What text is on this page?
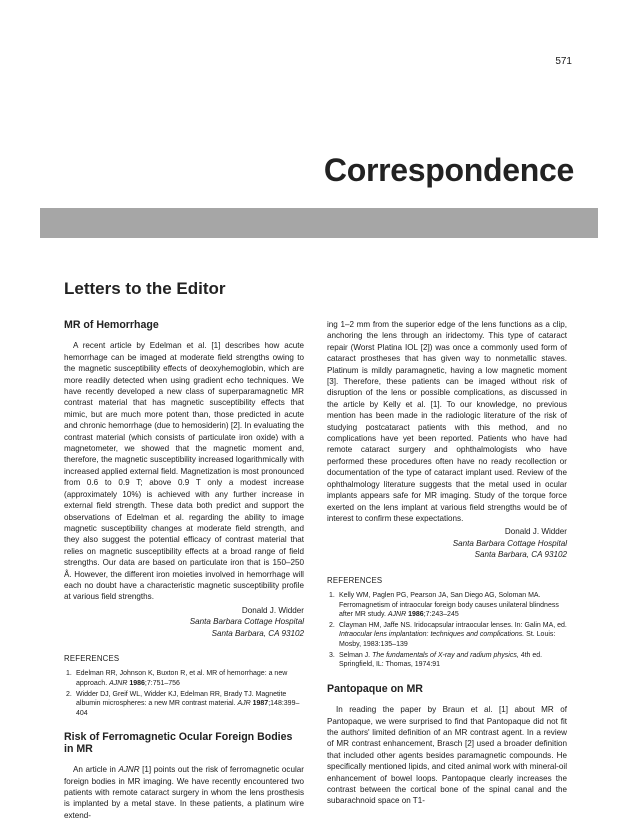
571
Correspondence
Letters to the Editor
MR of Hemorrhage

A recent article by Edelman et al. [1] describes how acute hemorrhage can be imaged at moderate field strengths owing to the magnetic susceptibility effects of deoxyhemoglobin, which are more readily detected when using gradient echo techniques. We have recently developed a new class of superparamagnetic MR contrast material that has magnetic susceptibility effects that mimic, but are much more potent than, those predicted in acute and chronic hemorrhage (due to hemosiderin) [2]. In evaluating the contrast material (which consists of particulate iron oxide) with a magnetometer, we showed that the magnetic moment and, therefore, the magnetic susceptibility increased logarithmically with increased applied external field. Magnetization is most pronounced from 0.6 to 0.9 T; above 0.9 T only a modest increase (approximately 10%) is achieved with any further increase in external field strength. These data both predict and support the observations of Edelman et al. regarding the ability to image magnetic susceptibility changes at moderate field strength, and they also suggest the potential efficacy of contrast material that relies on magnetic susceptibility effects at a broad range of field strengths. Our data are based on particulate iron that is 150–250 Å. However, the different iron moieties involved in hemorrhage will each no doubt have a characteristic magnetic susceptibility profile at various field strengths.

Donald J. Widder
Santa Barbara Cottage Hospital
Santa Barbara, CA 93102
REFERENCES
1. Edelman RR, Johnson K, Buxton R, et al. MR of hemorrhage: a new approach. AJNR 1986;7:751–756
2. Widder DJ, Greif WL, Widder KJ, Edelman RR, Brady TJ. Magnetite albumin microspheres: a new MR contrast material. AJR 1987;148:399–404
Risk of Ferromagnetic Ocular Foreign Bodies in MR

An article in AJNR [1] points out the risk of ferromagnetic ocular foreign bodies in MR imaging. We have recently encountered two patients with remote cataract surgery in whom the lens prosthesis is implanted by a metal stave. In these patients, a platinum wire extend-

ing 1–2 mm from the superior edge of the lens functions as a clip, anchoring the lens through an iridectomy. This type of cataract repair (Worst Platina IOL [2]) was once a commonly used form of cataract prostheses that has given way to nonmetallic staves. Platinum is mildly paramagnetic, having a low magnetic moment [3]. Therefore, these patients can be imaged without risk of disruption of the lens or possible complications, as discussed in the article by Kelly et al. [1]. To our knowledge, no previous mention has been made in the radiologic literature of the risk of studying postcataract patients with this method, and no complications have yet been reported. Patients who have had remote cataract surgery and ophthalmologists who have performed these procedures often have no ready recollection or documentation of the type of cataract implant used. Review of the ophthalmology literature suggests that the metal used in ocular implants appears safe for MR imaging. Study of the torque force exerted on the lens implant at various field strengths would be of interest to confirm these expectations.

Donald J. Widder
Santa Barbara Cottage Hospital
Santa Barbara, CA 93102
REFERENCES
1. Kelly WM, Paglen PG, Pearson JA, San Diego AG, Soloman MA. Ferromagnetism of intraocular foreign body causes unilateral blindness after MR study. AJNR 1986;7:243–245
2. Clayman HM, Jaffe NS. Iridocapsular intraocular lenses. In: Galin MA, ed. Intraocular lens implantation: techniques and complications. St. Louis: Mosby, 1983:135–139
3. Selman J. The fundamentals of X-ray and radium physics, 4th ed. Springfield, IL: Thomas, 1974:91
Pantopaque on MR

In reading the paper by Braun et al. [1] about MR of Pantopaque, we were surprised to find that Pantopaque did not fit the authors' limited definition of an MR contrast agent. In a review of MR contrast enhancement, Brasch [2] used a broader definition that included other agents besides paramagnetic compounds. He specifically mentioned lipids, and cited animal work with mineral-oil enhancement of bowel loops. Pantopaque clearly increases the contrast between the cortical bone of the spinal canal and the subarachnoid space on T1-
